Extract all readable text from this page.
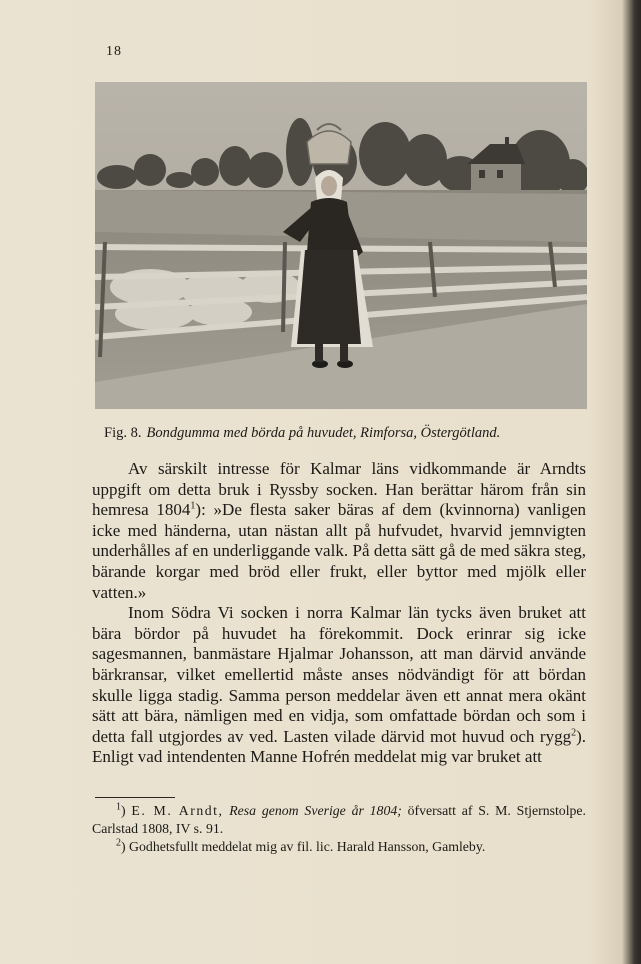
18
Fig. 8. Bondgumma med börda på huvudet, Rimforsa, Östergötland.

Av särskilt intresse för Kalmar läns vidkommande är Arndts uppgift om detta bruk i Ryssby socken. Han berättar härom från sin hemresa 1804$^1$): »De flesta saker bäras af dem (kvinnorna) vanligen icke med händerna, utan nästan allt på hufvudet, hvarvid jemnvigten underhålles af en underliggande valk. På detta sätt gå de med säkra steg, bärande korgar med bröd eller frukt, eller byttor med mjölk eller vatten.»

Inom Södra Vi socken i norra Kalmar län tycks även bruket att bära bördor på huvudet ha förekommit. Dock erinrar sig icke sagesmannen, banmästare Hjalmar Johansson, att man därvid använde bärkransar, vilket emellertid måste anses nödvändigt för att bördan skulle ligga stadig. Samma person meddelar även ett annat mera okänt sätt att bära, nämligen med en vidja, som omfattade bördan och som i detta fall utgjordes av ved. Lasten vilade därvid mot huvud och rygg$^2$). Enligt vad intendenten Manne Hofrén meddelat mig var bruket att

$^1$) E. M. Arndt, Resa genom Sverige år 1804; öfversatt af S. M. Stjernstolpe. Carlstad 1808, IV s. 91.

$^2$) Godhetsfullt meddelat mig av fil. lic. Harald Hansson, Gamleby.
